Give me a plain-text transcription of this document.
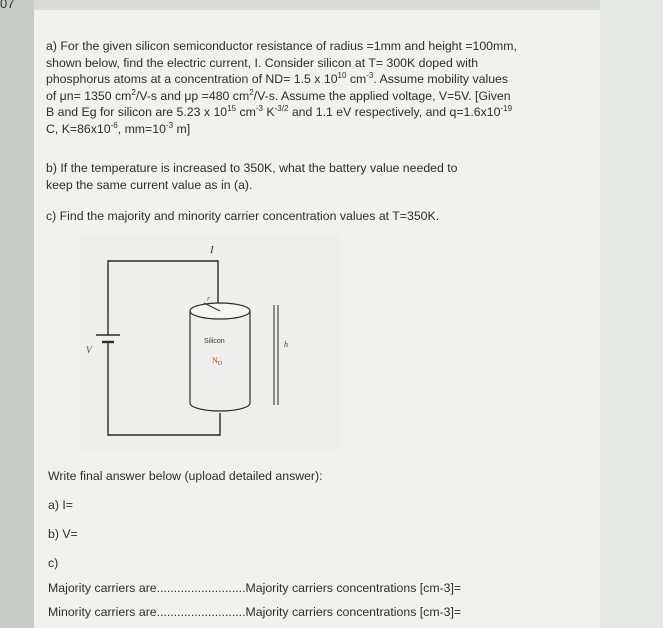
07
a) For the given silicon semiconductor resistance of radius =1mm and height =100mm,
shown below, find the electric current, I. Consider silicon at T= 300K doped with
phosphorus atoms at a concentration of ND= 1.5 x $10^{10}$ $cm^{-3}$. Assume mobility values
of μn= 1350 $cm^2/V-s$ and μp =480 $cm^2/V-s$. Assume the applied voltage, V=5V. [Given
B and Eg for silicon are 5.23 x $10^{15}$ $cm^{-3}$ $K^{-3/2}$ and 1.1 eV respectively, and $q=1.6x10^{-19}$
C, $K=86x10^{-6}$, $mm=10^{-3}$ m]
b) If the temperature is increased to 350K, what the battery value needed to
keep the same current value as in (a).
c) Find the majority and minority carrier concentration values at T=350K.
I
V
r
Silicon
$N_D$
h
Write final answer below (upload detailed answer):
a) I=
b) V=
c)
Majority carriers are..........................Majority carriers concentrations [cm-3]=
Minority carriers are..........................Majority carriers concentrations [cm-3]=
